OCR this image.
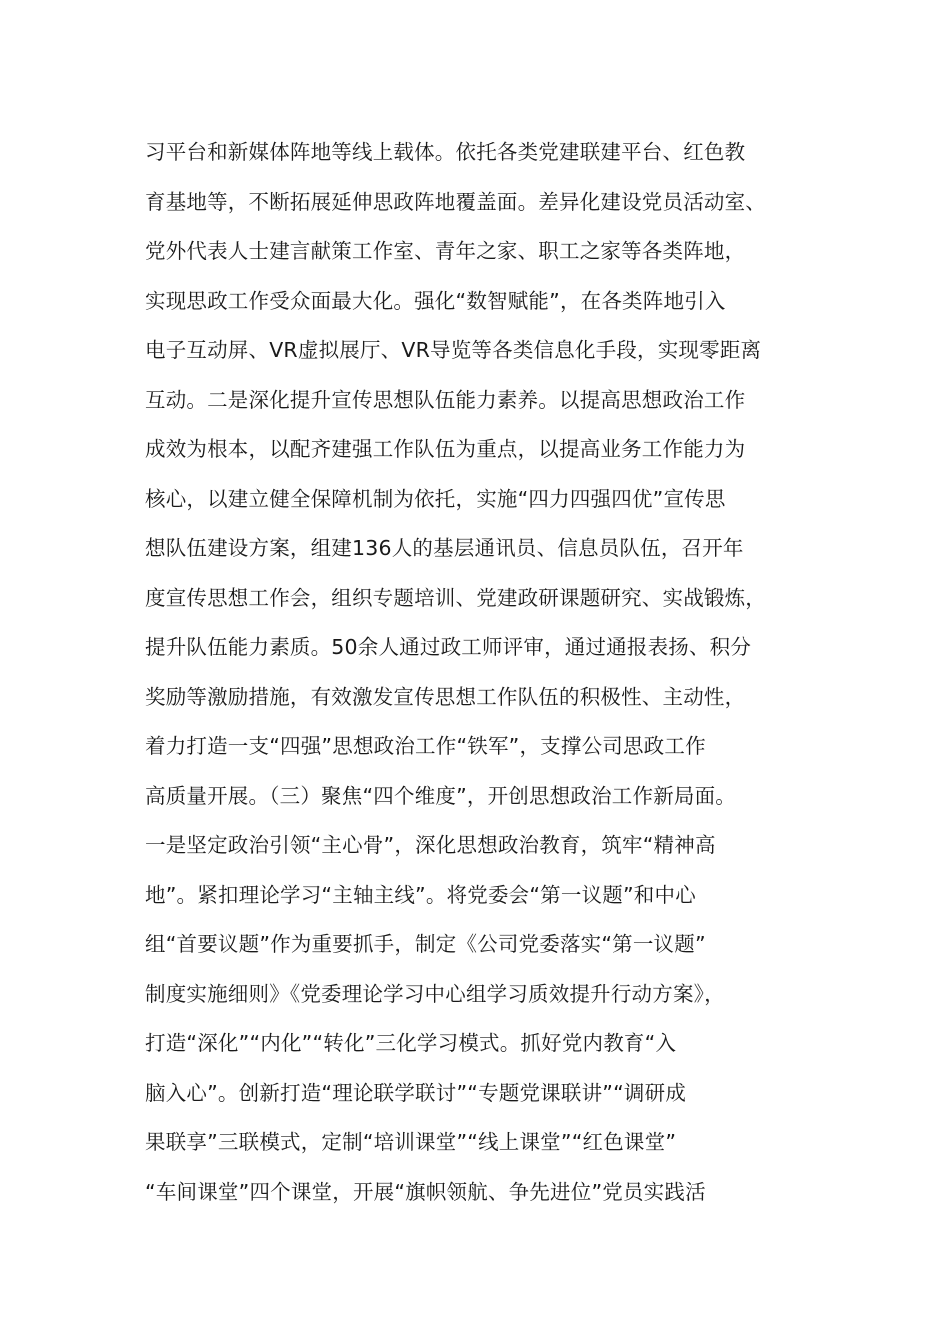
习平台和新媒体阵地等线上载体。依托各类党建联建平台、红色教
育基地等，不断拓展延伸思政阵地覆盖面。差异化建设党员活动室、
党外代表人士建言献策工作室、青年之家、职工之家等各类阵地，
实现思政工作受众面最大化。强化“数智赋能”，在各类阵地引入
电子互动屏、VR虚拟展厅、VR导览等各类信息化手段，实现零距离
互动。二是深化提升宣传思想队伍能力素养。以提高思想政治工作
成效为根本，以配齐建强工作队伍为重点，以提高业务工作能力为
核心，以建立健全保障机制为依托，实施“四力四强四优”宣传思
想队伍建设方案，组建136人的基层通讯员、信息员队伍，召开年
度宣传思想工作会，组织专题培训、党建政研课题研究、实战锻炼，
提升队伍能力素质。50余人通过政工师评审，通过通报表扬、积分
奖励等激励措施，有效激发宣传思想工作队伍的积极性、主动性，
着力打造一支“四强”思想政治工作“铁军”，支撑公司思政工作
高质量开展。（三）聚焦“四个维度”，开创思想政治工作新局面。
一是坚定政治引领“主心骨”，深化思想政治教育，筑牢“精神高
地”。紧扣理论学习“主轴主线”。将党委会“第一议题”和中心
组“首要议题”作为重要抓手，制定《公司党委落实“第一议题”
制度实施细则》《党委理论学习中心组学习质效提升行动方案》，
打造“深化”“内化”“转化”三化学习模式。抓好党内教育“入
脑入心”。创新打造“理论联学联讨”“专题党课联讲”“调研成
果联享”三联模式，定制“培训课堂”“线上课堂”“红色课堂”
“车间课堂”四个课堂，开展“旗帜领航、争先进位”党员实践活
